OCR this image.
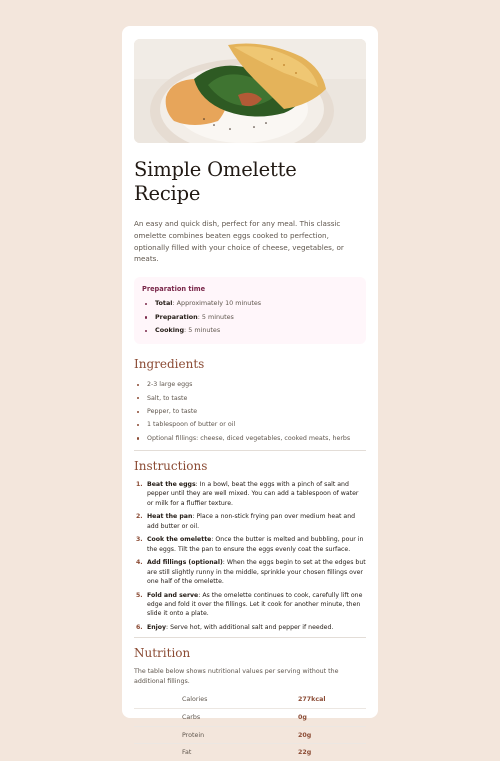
Simple Omelette Recipe

An easy and quick dish, perfect for any meal. This classic omelette combines beaten eggs cooked to perfection, optionally filled with your choice of cheese, vegetables, or meats.

Preparation time
Total: Approximately 10 minutes
Preparation: 5 minutes
Cooking: 5 minutes
Ingredients
2-3 large eggs
Salt, to taste
Pepper, to taste
1 tablespoon of butter or oil
Optional fillings: cheese, diced vegetables, cooked meats, herbs
Instructions
1. Beat the eggs: In a bowl, beat the eggs with a pinch of salt and pepper until they are well mixed. You can add a tablespoon of water or milk for a fluffier texture.
2. Heat the pan: Place a non-stick frying pan over medium heat and add butter or oil.
3. Cook the omelette: Once the butter is melted and bubbling, pour in the eggs. Tilt the pan to ensure the eggs evenly coat the surface.
4. Add fillings (optional): When the eggs begin to set at the edges but are still slightly runny in the middle, sprinkle your chosen fillings over one half of the omelette.
5. Fold and serve: As the omelette continues to cook, carefully lift one edge and fold it over the fillings. Let it cook for another minute, then slide it onto a plate.
6. Enjoy: Serve hot, with additional salt and pepper if needed.
Nutrition

The table below shows nutritional values per serving without the additional fillings.

Calories	277kcal
Carbs	0g
Protein	20g
Fat	22g
